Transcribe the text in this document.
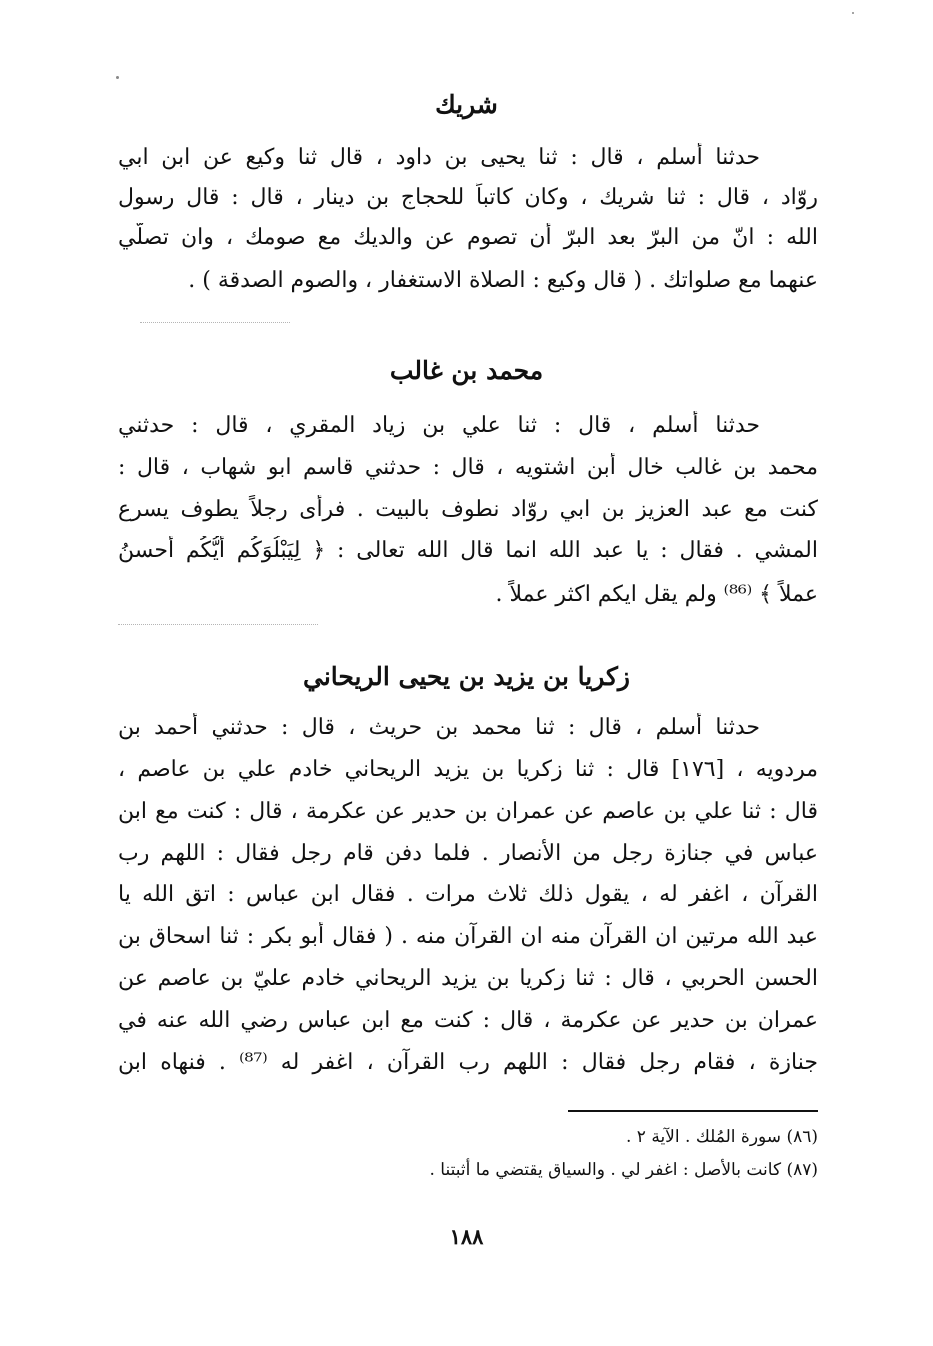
شريك
حدثنا أسلم ، قال : ثنا يحيى بن داود ، قال ثنا وكيع عن ابن ابي
روّاد ، قال : ثنا شريك ، وكان كاتباً للحجاج بن دينار ، قال : قال رسول
الله : انّ من البرّ بعد البرّ أن تصوم عن والديك مع صومك ، وان تصلّي
عنهما مع صلواتك . ( قال وكيع : الصلاة الاستغفار ، والصوم الصدقة ) .
محمد بن غالب
حدثنا أسلم ، قال : ثنا علي بن زياد المقري ، قال : حدثني
محمد بن غالب خال أبن اشتويه ، قال : حدثني قاسم ابو شهاب ، قال :
كنت مع عبد العزيز بن ابي روّاد نطوف بالبيت . فرأى رجلاً يطوف يسرع
المشي . فقال : يا عبد الله انما قال الله تعالى : ﴿ لِيَبْلُوَكُم أيُّكُم أحسنُ
عملاً ﴾ ⁽⁸⁶⁾ ولم يقل ايكم اكثر عملاً .
زكريا بن يزيد بن يحيى الريحاني
حدثنا أسلم ، قال : ثنا محمد بن حريث ، قال : حدثني أحمد بن
مردويه ، [١٧٦] قال : ثنا زكريا بن يزيد الريحاني خادم علي بن عاصم ،
قال : ثنا علي بن عاصم عن عمران بن حدير عن عكرمة ، قال : كنت مع ابن
عباس في جنازة رجل من الأنصار . فلما دفن قام رجل فقال : اللهم رب
القرآن ، اغفر له ، يقول ذلك ثلاث مرات . فقال ابن عباس : اتق الله يا
عبد الله مرتين ان القرآن منه ان القرآن منه . ( فقال أبو بكر : ثنا اسحاق بن
الحسن الحربي ، قال : ثنا زكريا بن يزيد الريحاني خادم عليّ بن عاصم عن
عمران بن حدير عن عكرمة ، قال : كنت مع ابن عباس رضي الله عنه في
جنازة ، فقام رجل فقال : اللهم رب القرآن ، اغفر له ⁽⁸⁷⁾ . فنهاه ابن
(٨٦) سورة المُلك . الآية ٢ .
(٨٧) كانت بالأصل : اغفر لي . والسياق يقتضي ما أثبتنا .
١٨٨
